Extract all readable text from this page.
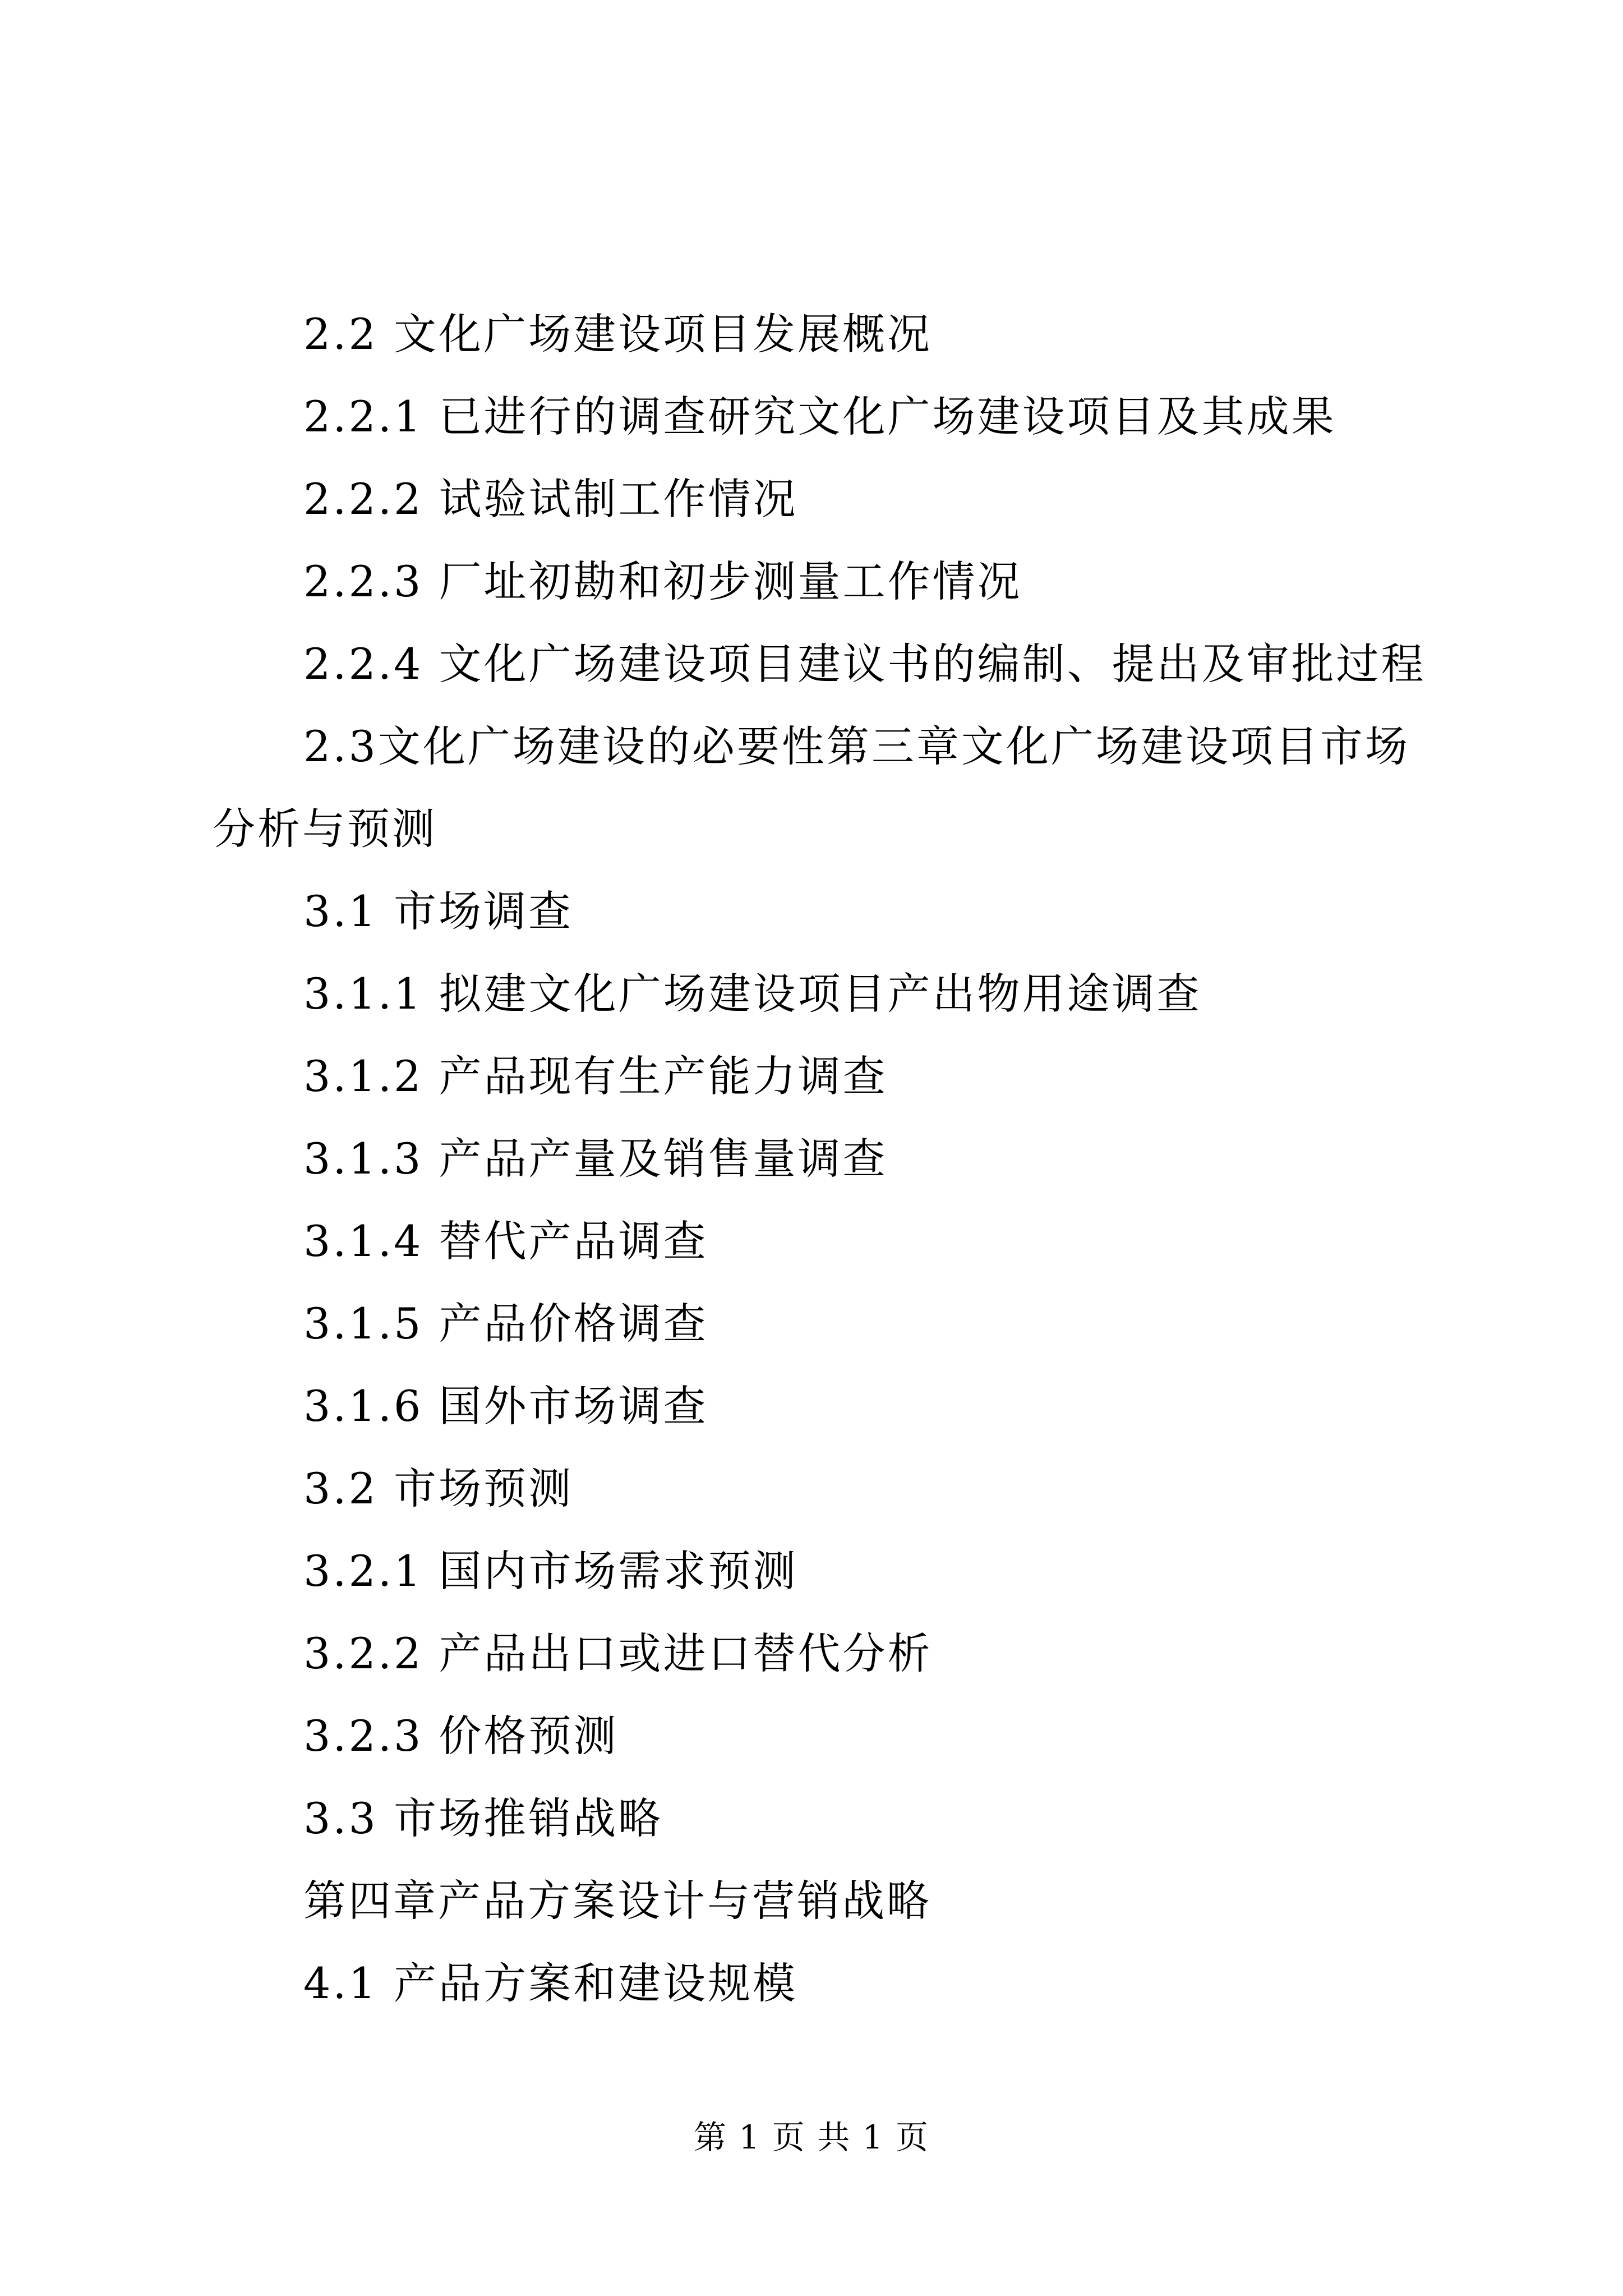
2.2 文化广场建设项目发展概况
2.2.1 已进行的调查研究文化广场建设项目及其成果
2.2.2 试验试制工作情况
2.2.3 厂址初勘和初步测量工作情况
2.2.4 文化广场建设项目建议书的编制、提出及审批过程
2.3文化广场建设的必要性第三章文化广场建设项目市场分析与预测
3.1 市场调查
3.1.1 拟建文化广场建设项目产出物用途调查
3.1.2 产品现有生产能力调查
3.1.3 产品产量及销售量调查
3.1.4 替代产品调查
3.1.5 产品价格调查
3.1.6 国外市场调查
3.2 市场预测
3.2.1 国内市场需求预测
3.2.2 产品出口或进口替代分析
3.2.3 价格预测
3.3 市场推销战略
第四章产品方案设计与营销战略
4.1 产品方案和建设规模
第 1 页 共 1 页
